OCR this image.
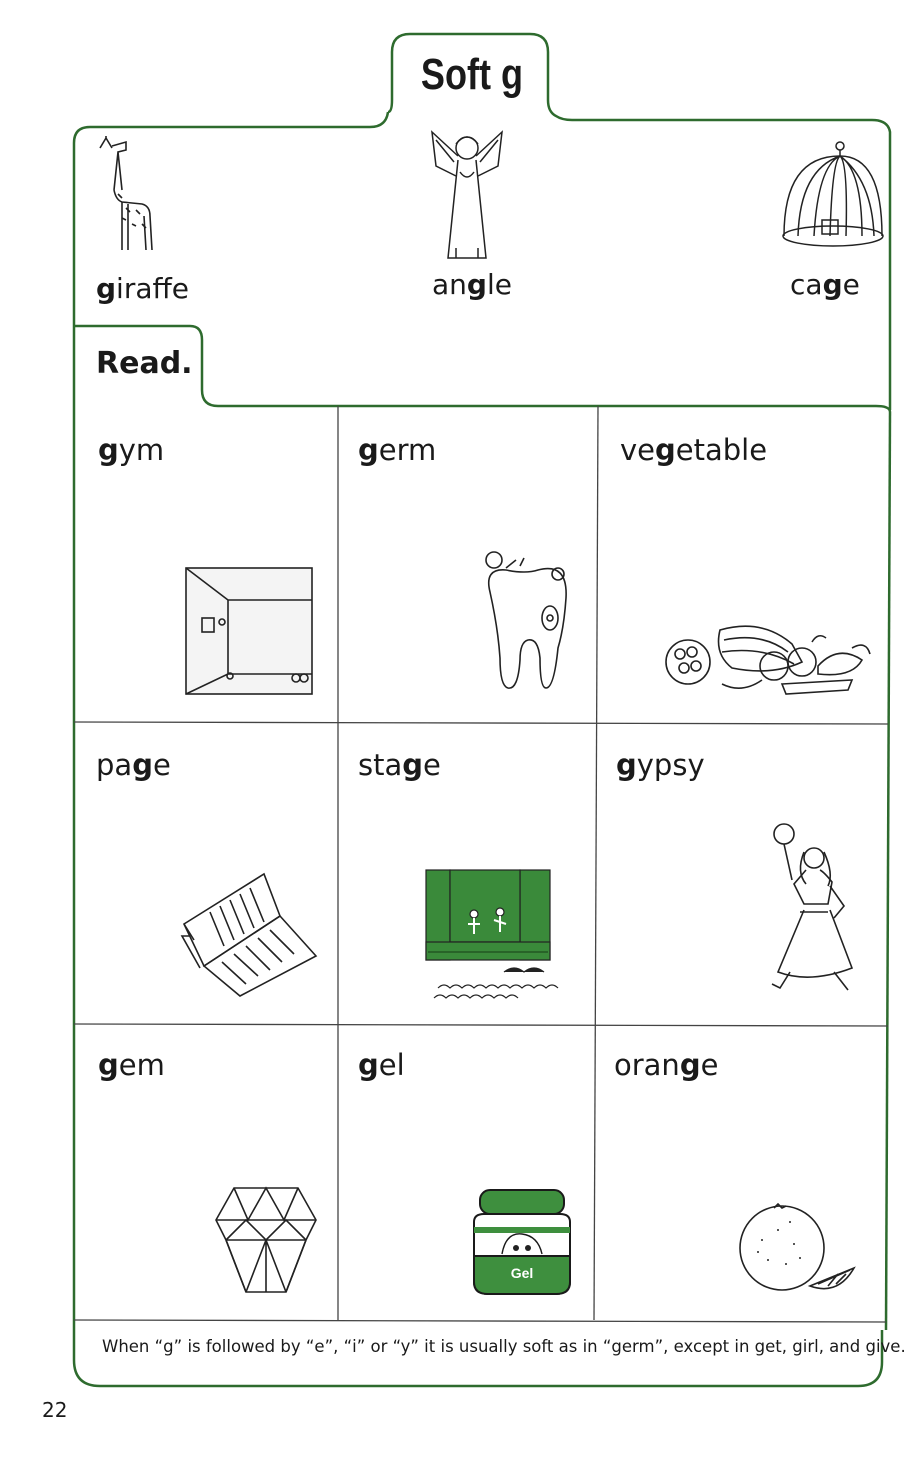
Soft g
giraffe	angle	cage
Read.
gym	germ	vegetable
page	stage	gypsy
gem	gel	orange
Gel
When “g” is followed by “e”, “i” or “y” it is usually soft as in “germ”, except in get, girl, and give.
22
